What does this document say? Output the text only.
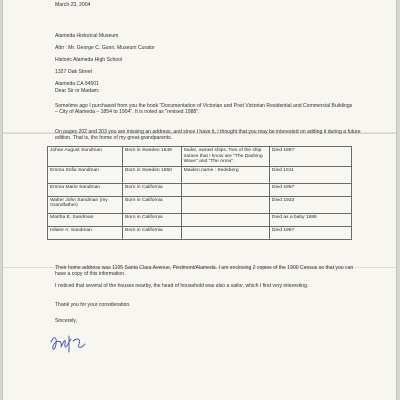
March 23, 2004

Alameda Historical Museum

Attn : Mr. George C. Gunn, Museum Curator

Historic Alameda High School

1327 Oak Street

Alameda CA 94501

Dear Sir or Madam:
Sometime ago I purchased from you the book "Documentation of Victorian and Post Victorian Residential and Commercial Buildings – City of Alameda – 1854 to 1904". It is noted as "revised 1988".
On pages 202 and 203 you are missing an address, and since I have it, I thought that you may be interested on adding it during a future edition. That is, the home of my great-grandparents.
Johan August Sandman	Born in Sweden 1849	Sailor, owned ships. Two of the ship names that I know are "The Dashing Wave" and "The Anna".	Died 1897
Emma Sofia Sandman	Born in Sweden 1850	Maiden name : Sedeberg	Died 1911
Emma Marie Sandman	Born in California		Died 1967
Walter John Sandman (my Grandfather)	Born in California		Died 1933
Martha E. Sandman	Born in California		Died as a baby 1886
Hilaire A. Sandman	Born in California		Died 1967
Their home address was 1105 Santa Clara Avenue, Piedmont/Alameda. I am enclosing 2 copies of the 1900 Census so that you can have a copy of this information.
I noticed that several of the houses nearby, the head of household was also a sailor, which I find very interesting.
Thank you for your consideration.
Sincerely,
